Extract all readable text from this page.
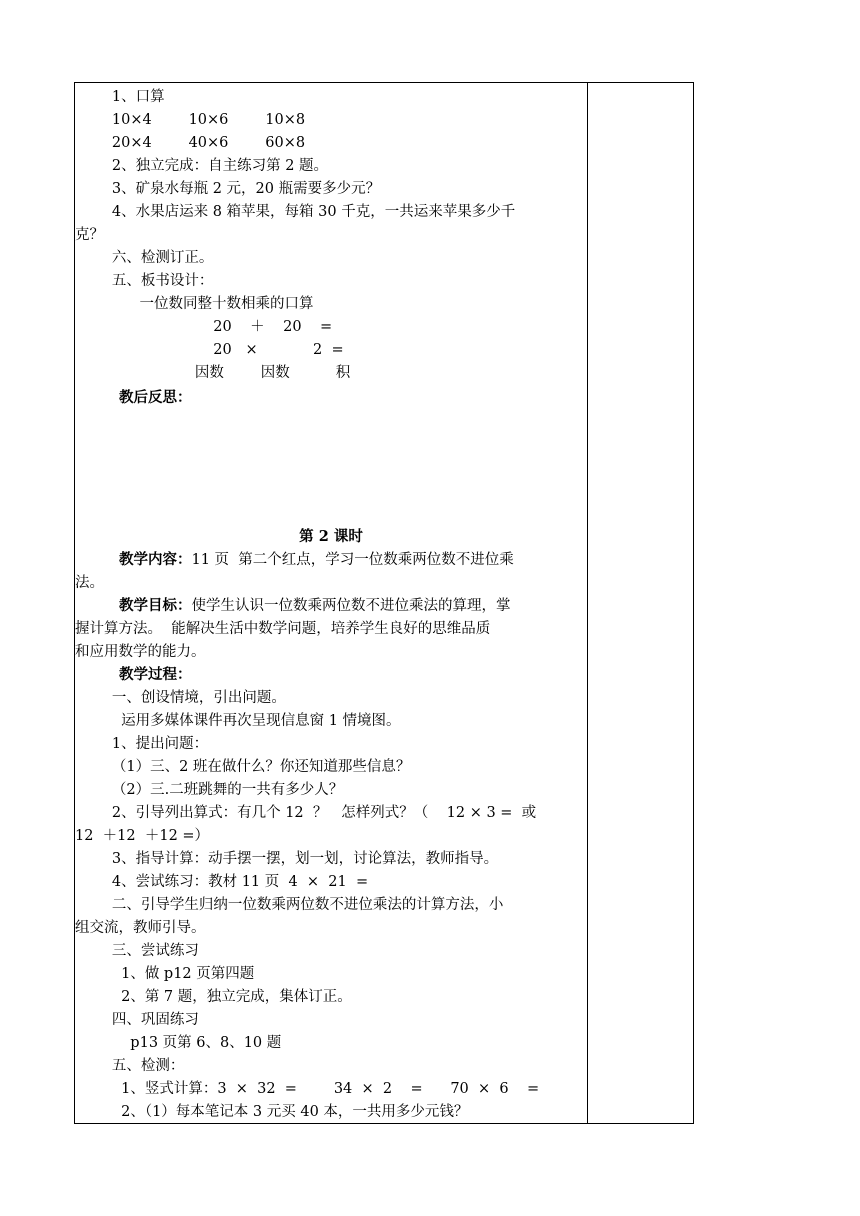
1、口算
10×4        10×6        10×8
20×4        40×6        60×8
2、独立完成：自主练习第 2 题。
3、矿泉水每瓶 2 元，20 瓶需要多少元？
4、水果店运来 8 箱苹果，每箱 30 千克，一共运来苹果多少千
克？
六、检测订正。
五、板书设计：
一位数同整十数相乘的口算
20    ＋    20    =
20   ×            2  =
因数        因数          积
教后反思：
第 2 课时
教学内容：11 页  第二个红点，学习一位数乘两位数不进位乘
法。
教学目标：使学生认识一位数乘两位数不进位乘法的算理，掌
握计算方法。  能解决生活中数学问题，培养学生良好的思维品质
和应用数学的能力。
教学过程：
一、创设情境，引出问题。
运用多媒体课件再次呈现信息窗 1 情境图。
1、提出问题：
（1）三、2 班在做什么？你还知道那些信息？
（2）三.二班跳舞的一共有多少人？
2、引导列出算式：有几个 12  ？   怎样列式？（    12 × 3 =  或
12  ＋12  ＋12 =）
3、指导计算：动手摆一摆，划一划，讨论算法，教师指导。
4、尝试练习：教材 11 页  4  ×  21  =
二、引导学生归纳一位数乘两位数不进位乘法的计算方法，小
组交流，教师引导。
三、尝试练习
1、做 p12 页第四题
2、第 7 题，独立完成，集体订正。
四、巩固练习
p13 页第 6、8、10 题
五、检测：
1、竖式计算：3  ×  32  =        34  ×  2    =      70  ×  6    =
2、（1）每本笔记本 3 元买 40 本，一共用多少元钱？
